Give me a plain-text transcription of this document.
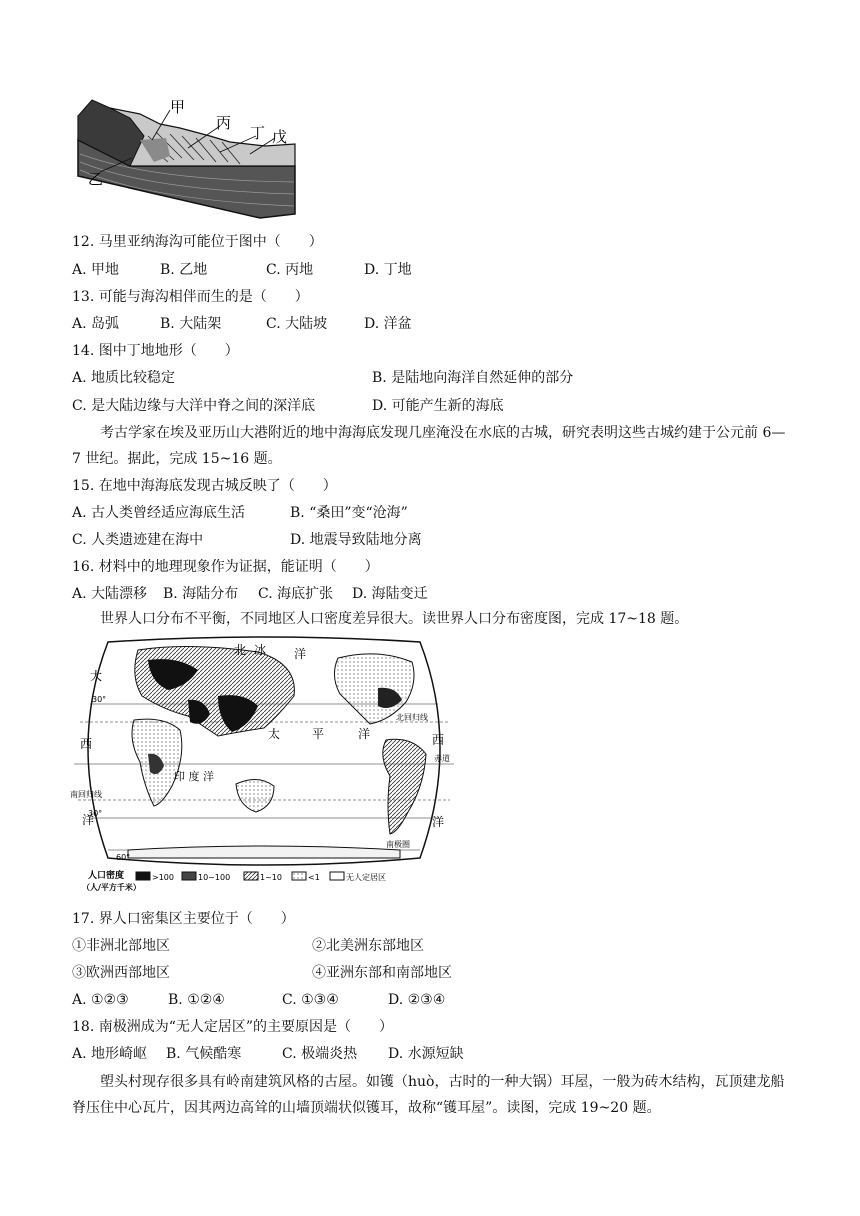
甲
丙
丁 戊
乙
12. 马里亚纳海沟可能位于图中（　　）
A. 甲地	B. 乙地	C. 丙地	D. 丁地
13. 可能与海沟相伴而生的是（　　）
A. 岛弧	B. 大陆架	C. 大陆坡	D. 洋盆
14. 图中丁地地形（　　）
A. 地质比较稳定	B. 是陆地向海洋自然延伸的部分
C. 是大陆边缘与大洋中脊之间的深洋底	D. 可能产生新的海底
考古学家在埃及亚历山大港附近的地中海海底发现几座淹没在水底的古城，研究表明这些古城约建于公元前 6—7 世纪。据此，完成 15~16 题。
15. 在地中海海底发现古城反映了（　　）
A. 古人类曾经适应海底生活	B. “桑田”变“沧海”
C. 人类遗迹建在海中	D. 地震导致陆地分离
16. 材料中的地理现象作为证据，能证明（　　）
A. 大陆漂移 B. 海陆分布 C. 海底扩张 D. 海陆变迁
世界人口分布不平衡，不同地区人口密度差异很大。读世界人口分布密度图，完成 17~18 题。
北 冰 洋
大
西
洋
太	平	洋	西
洋
印 度 洋
北回归线
赤道
南回归线
南极圈
30°
30°
60°
人口密度
（人/平方千米）
>100	10~100	1~10	<1	无人定居区
17. 界人口密集区主要位于（　　）
①非洲北部地区	②北美洲东部地区
③欧洲西部地区	④亚洲东部和南部地区
A. ①②③	B. ①②④	C. ①③④	D. ②③④
18. 南极洲成为“无人定居区”的主要原因是（　　）
A. 地形崎岖 B. 气候酷寒	C. 极端炎热 D. 水源短缺
塱头村现存很多具有岭南建筑风格的古屋。如镬（huò，古时的一种大锅）耳屋，一般为砖木结构，瓦顶建龙船脊压住中心瓦片，因其两边高耸的山墙顶端状似镬耳，故称“镬耳屋”。读图，完成 19~20 题。
